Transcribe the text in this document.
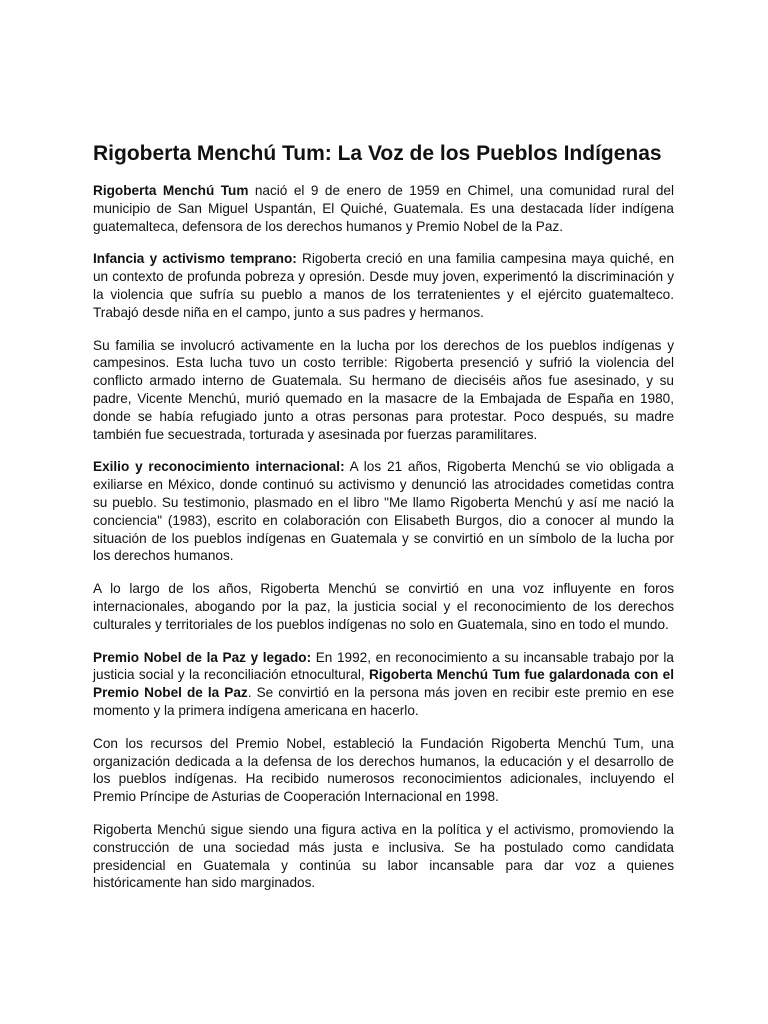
Rigoberta Menchú Tum: La Voz de los Pueblos Indígenas

Rigoberta Menchú Tum nació el 9 de enero de 1959 en Chimel, una comunidad rural del municipio de San Miguel Uspantán, El Quiché, Guatemala. Es una destacada líder indígena guatemalteca, defensora de los derechos humanos y Premio Nobel de la Paz.

Infancia y activismo temprano: Rigoberta creció en una familia campesina maya quiché, en un contexto de profunda pobreza y opresión. Desde muy joven, experimentó la discriminación y la violencia que sufría su pueblo a manos de los terratenientes y el ejército guatemalteco. Trabajó desde niña en el campo, junto a sus padres y hermanos.

Su familia se involucró activamente en la lucha por los derechos de los pueblos indígenas y campesinos. Esta lucha tuvo un costo terrible: Rigoberta presenció y sufrió la violencia del conflicto armado interno de Guatemala. Su hermano de dieciséis años fue asesinado, y su padre, Vicente Menchú, murió quemado en la masacre de la Embajada de España en 1980, donde se había refugiado junto a otras personas para protestar. Poco después, su madre también fue secuestrada, torturada y asesinada por fuerzas paramilitares.

Exilio y reconocimiento internacional: A los 21 años, Rigoberta Menchú se vio obligada a exiliarse en México, donde continuó su activismo y denunció las atrocidades cometidas contra su pueblo. Su testimonio, plasmado en el libro "Me llamo Rigoberta Menchú y así me nació la conciencia" (1983), escrito en colaboración con Elisabeth Burgos, dio a conocer al mundo la situación de los pueblos indígenas en Guatemala y se convirtió en un símbolo de la lucha por los derechos humanos.

A lo largo de los años, Rigoberta Menchú se convirtió en una voz influyente en foros internacionales, abogando por la paz, la justicia social y el reconocimiento de los derechos culturales y territoriales de los pueblos indígenas no solo en Guatemala, sino en todo el mundo.

Premio Nobel de la Paz y legado: En 1992, en reconocimiento a su incansable trabajo por la justicia social y la reconciliación etnocultural, Rigoberta Menchú Tum fue galardonada con el Premio Nobel de la Paz. Se convirtió en la persona más joven en recibir este premio en ese momento y la primera indígena americana en hacerlo.

Con los recursos del Premio Nobel, estableció la Fundación Rigoberta Menchú Tum, una organización dedicada a la defensa de los derechos humanos, la educación y el desarrollo de los pueblos indígenas. Ha recibido numerosos reconocimientos adicionales, incluyendo el Premio Príncipe de Asturias de Cooperación Internacional en 1998.

Rigoberta Menchú sigue siendo una figura activa en la política y el activismo, promoviendo la construcción de una sociedad más justa e inclusiva. Se ha postulado como candidata presidencial en Guatemala y continúa su labor incansable para dar voz a quienes históricamente han sido marginados.
